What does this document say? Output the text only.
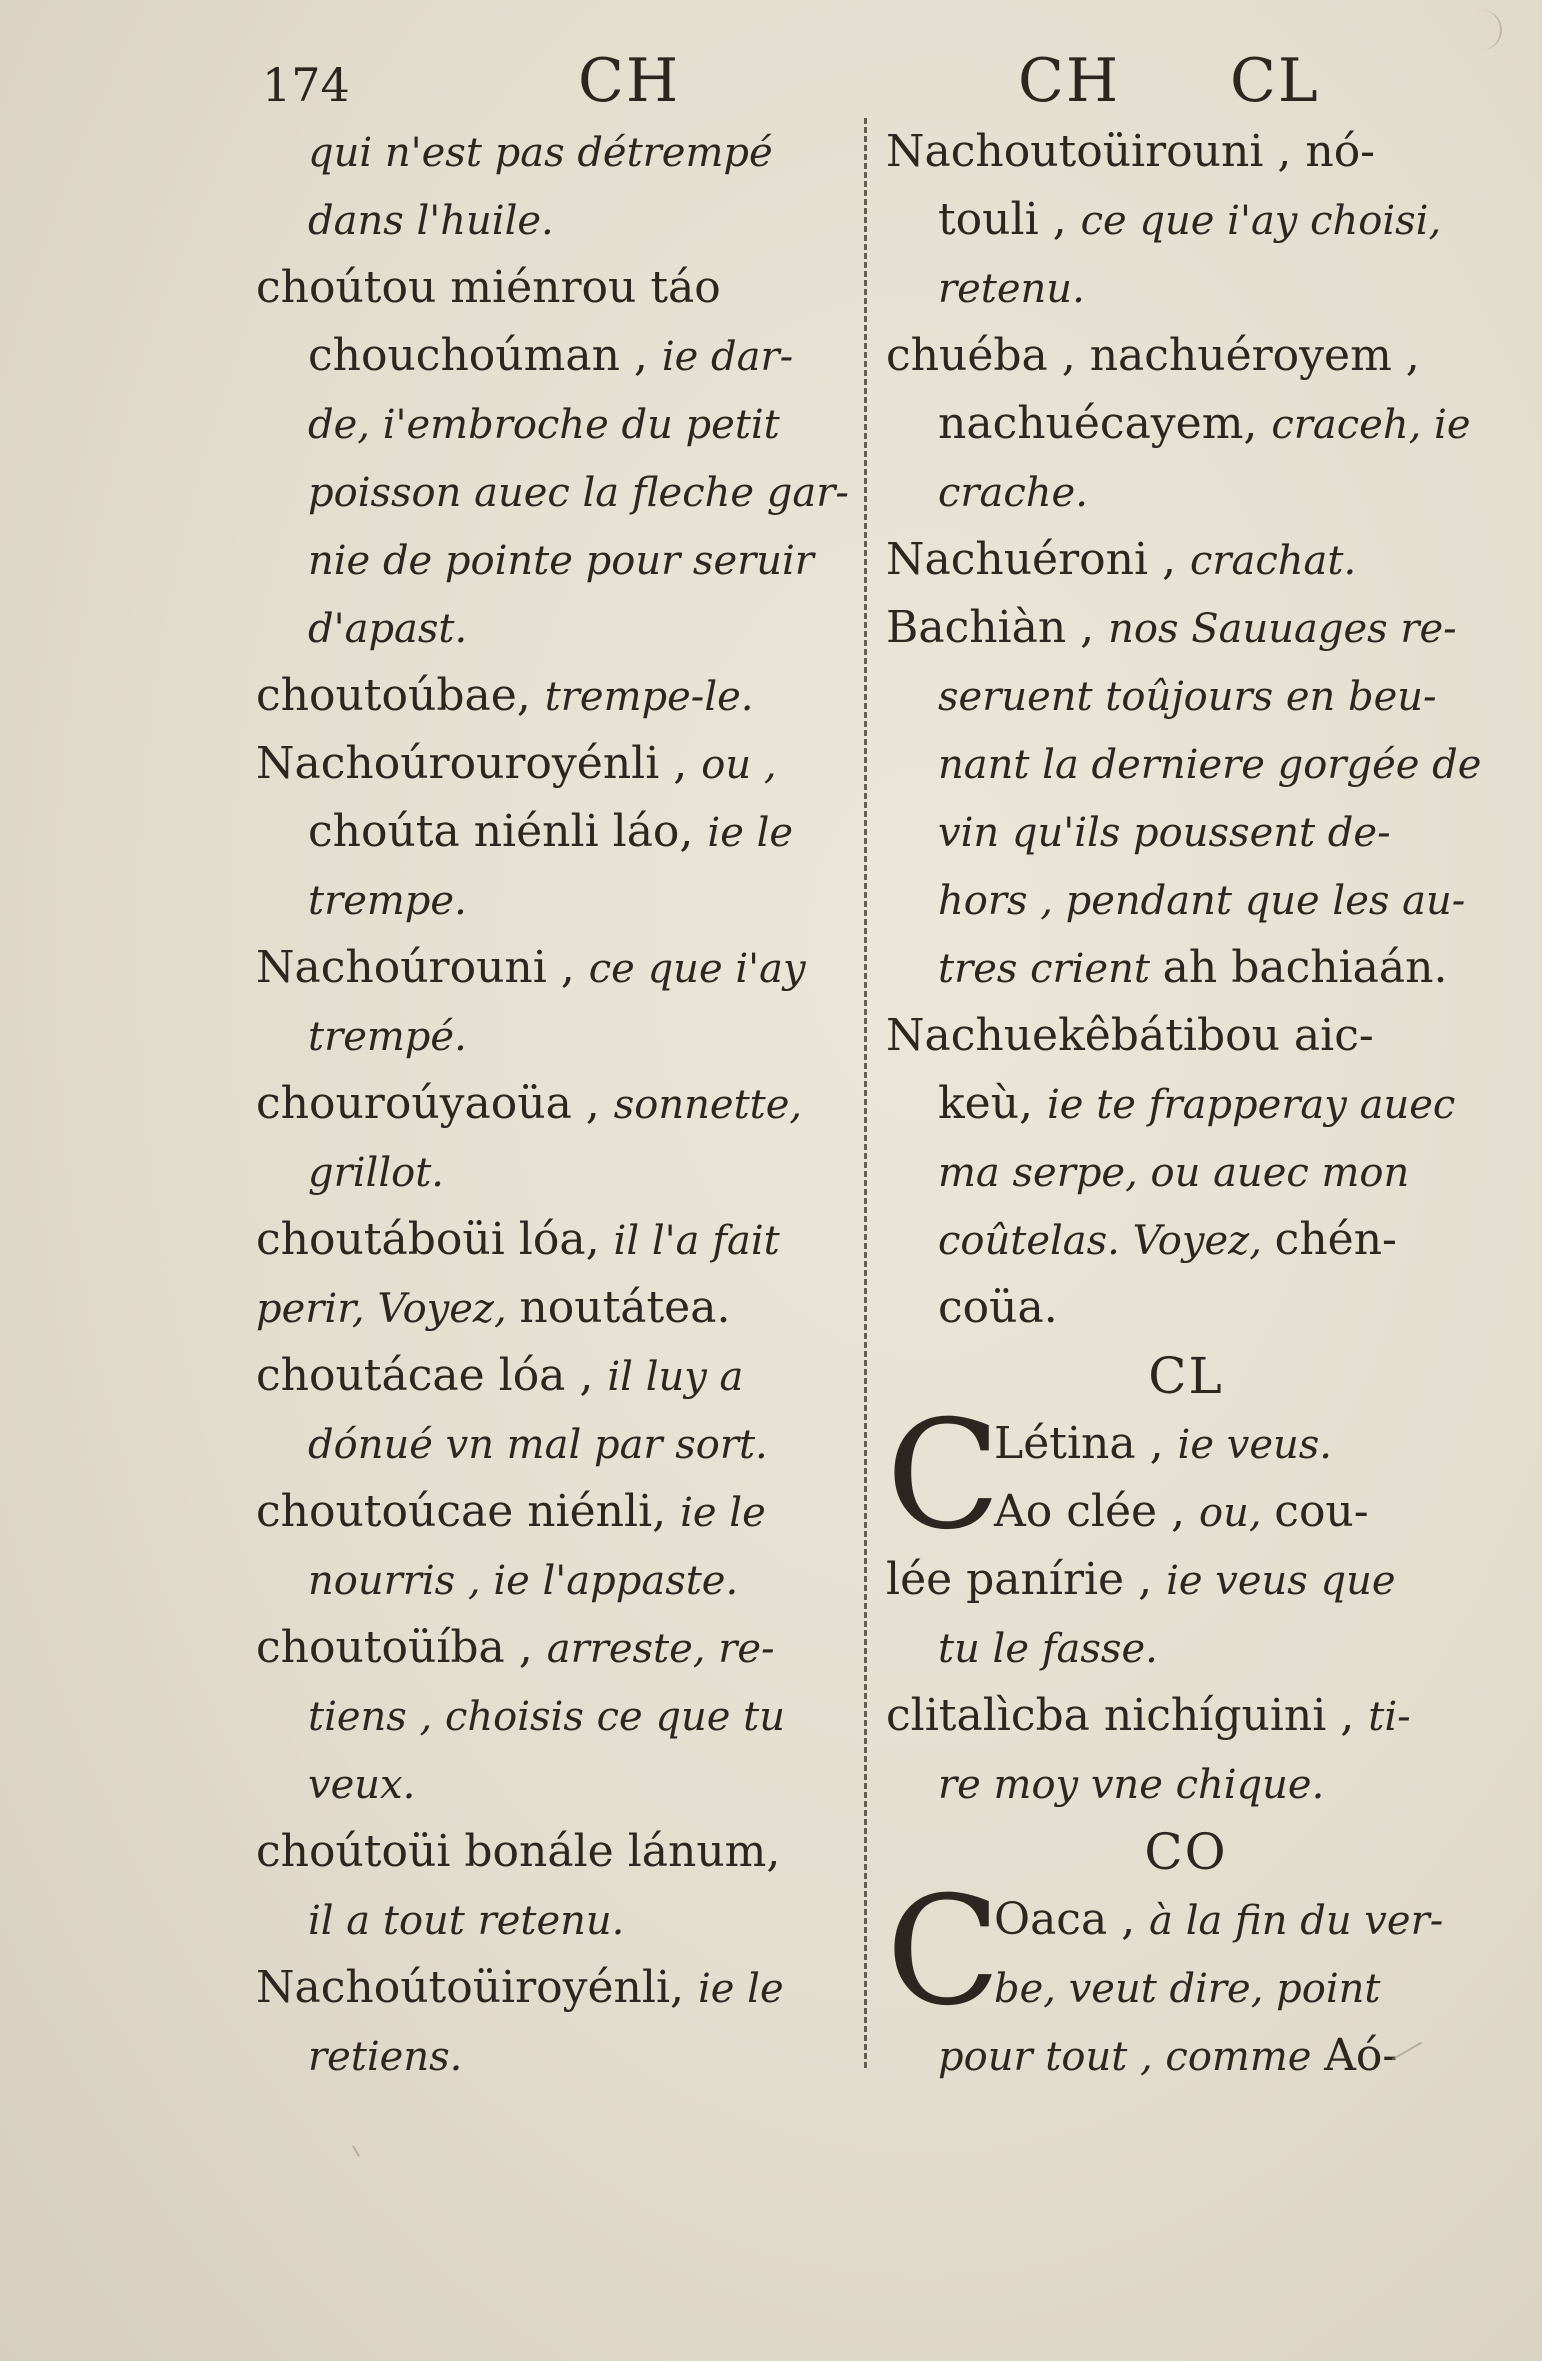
174	CH	CH CL
qui n'est pas détrempé
dans l'huile.
choútou miénrou táo
chouchoúman , ie dar-
de, i'embroche du petit
poisson auec la fleche gar-
nie de pointe pour seruir
d'apast.
choutoúbae, trempe-le.
Nachoúrouroyénli , ou ,
choúta niénli láo, ie le
trempe.
Nachoúrouni , ce que i'ay
trempé.
chouroúyaoüa , sonnette,
grillot.
choutáboüi lóa, il l'a fait
perir, Voyez, noutátea.
choutácae lóa , il luy a
dónué vn mal par sort.
choutoúcae niénli, ie le
nourris , ie l'appaste.
choutoüíba , arreste, re-
tiens , choisis ce que tu
veux.
choútoüi bonále lánum,
il a tout retenu.
Nachoútoüiroyénli, ie le
retiens.
Nachoutoüirouni , nó-
touli , ce que i'ay choisi,
retenu.
chuéba , nachuéroyem ,
nachuécayem, craceh, ie
crache.
Nachuéroni , crachat.
Bachiàn , nos Sauuages re-
seruent toûjours en beu-
nant la derniere gorgée de
vin qu'ils poussent de-
hors , pendant que les au-
tres crient ah bachiaán.
Nachuekêbátibou aic-
keù, ie te frapperay auec
ma serpe, ou auec mon
coûtelas. Voyez, chén-
coüa.
CL
C
Létina , ie veus.
Ao clée , ou, cou-
lée panírie , ie veus que
tu le fasse.
clitalìcba nichíguini , ti-
re moy vne chique.
CO
C
Oaca , à la fin du ver-
be, veut dire, point
pour tout , comme Aó-
